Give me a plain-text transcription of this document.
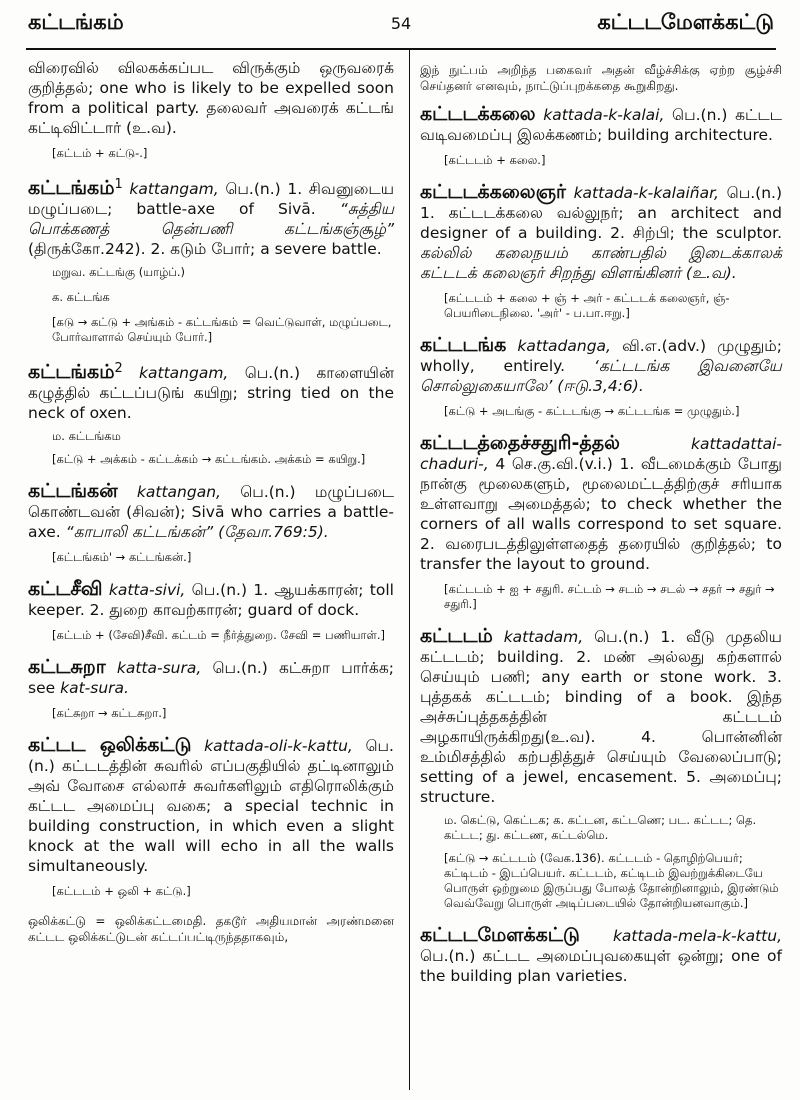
கட்டங்கம்	54	கட்டடமேளக்கட்டு

விரைவில் விலகக்கப்பட விருக்கும் ஒருவரைக் குறித்தல்; one who is likely to be expelled soon from a political party. தலைவர் அவரைக் கட்டங் கட்டிவிட்டார் (உ.வ).

[கட்டம் + கட்டு-.]

கட்டங்கம்$^1$ kattangam, பெ.(n.) 1. சிவனுடைய மழுப்படை; battle-axe of Sivā. “சுத்திய பொக்கணத் தென்பணி கட்டங்கஞ்சூழ்” (திருக்கோ.242). 2. கடும் போர்; a severe battle.

மறுவ. கட்டங்கு (யாழ்ப்.)

க. கட்டங்க

[கடு → கட்டு + அங்கம் - கட்டங்கம் = வெட்டுவாள், மழுப்படை, போர்வாளால் செய்யும் போர்.]

கட்டங்கம்$^2$ kattangam, பெ.(n.) காளையின் கழுத்தில் கட்டப்படுங் கயிறு; string tied on the neck of oxen.

ம. கட்டங்கம

[கட்டு + அக்கம் - கட்டக்கம் → கட்டங்கம். அக்கம் = கயிறு.]

கட்டங்கன் kattangan, பெ.(n.) மழுப்படை கொண்டவன் (சிவன்); Sivā who carries a battle-axe. “காபாலி கட்டங்கன்” (தேவா.769:5).

[கட்டங்கம்' → கட்டங்கன்.]

கட்டசீவி katta-sivi, பெ.(n.) 1. ஆயக்காரன்; toll keeper. 2. துறை காவற்காரன்; guard of dock.

[கட்டம் + (சேவி)சீவி. கட்டம் = நீர்த்துறை. சேவி = பணியாள்.]

கட்டசுறா katta-sura, பெ.(n.) கட்சுறா பார்க்க; see kat-sura.

[கட்சுறா → கட்டசுறா.]

கட்டட ஒலிக்கட்டு kattada-oli-k-kattu, பெ.(n.) கட்டடத்தின் சுவரில் எப்பகுதியில் தட்டினாலும் அவ் வோசை எல்லாச் சுவர்களிலும் எதிரொலிக்கும் கட்டட அமைப்பு வகை; a special technic in building construction, in which even a slight knock at the wall will echo in all the walls simultaneously.

[கட்டடம் + ஒலி + கட்டு.]

ஒலிக்கட்டு = ஒலிக்கட்டமைதி. தகடூர் அதியமான் அரண்மனை கட்டட ஒலிக்கட்டுடன் கட்டப்பட்டிருந்ததாகவும்,

இந் நுட்பம் அறிந்த பகைவர் அதன் வீழ்ச்சிக்கு ஏற்ற சூழ்ச்சி செய்தனர் எனவும், நாட்டுப்புறக்கதை கூறுகிறது.

கட்டடக்கலை kattada-k-kalai, பெ.(n.) கட்டட வடிவமைப்பு இலக்கணம்; building architecture.

[கட்டடம் + கலை.]

கட்டடக்கலைஞர் kattada-k-kalaiñar, பெ.(n.) 1. கட்டடக்கலை வல்லுநர்; an architect and designer of a building. 2. சிற்பி; the sculptor. கல்லில் கலைநயம் காண்பதில் இடைக்காலக் கட்டடக் கலைஞர் சிறந்து விளங்கினர் (உ.வ).

[கட்டடம் + கலை + ஞ் + அர் - கட்டடக் கலைஞர், ஞ்- பெயரிடைநிலை. 'அர்' - ப.பா.ஈறு.]

கட்டடங்க kattadanga, வி.எ.(adv.) முழுதும்; wholly, entirely. ‘கட்டடங்க இவனையே சொல்லுகையாலே’ (ஈடு.3,4:6).

[கட்டு + அடங்கு - கட்டடங்கு → கட்டடங்க = முழுதும்.]

கட்டடத்தைச்சதுரி-த்தல்	kattadattai-chaduri-, 4 செ.கு.வி.(v.i.) 1. வீடமைக்கும் போது நான்கு மூலைகளும், மூலைமட்டத்திற்குச் சரியாக உள்ளவாறு அமைத்தல்; to check whether the corners of all walls correspond to set square. 2. வரைபடத்திலுள்ளதைத் தரையில் குறித்தல்; to transfer the layout to ground.

[கட்டடம் + ஐ + சதுரி. சட்டம் → சடம் → சடல் → சதர் → சதுர் → சதுரி.]

கட்டடம் kattadam, பெ.(n.) 1. வீடு முதலிய கட்டடம்; building. 2. மண் அல்லது கற்களால் செய்யும் பணி; any earth or stone work. 3. புத்தகக் கட்டடம்; binding of a book. இந்த அச்சுப்புத்தகத்தின் கட்டடம் அழகாயிருக்கிறது(உ.வ). 4. பொன்னின் உம்மிசத்தில் கற்பதித்துச் செய்யும் வேலைப்பாடு; setting of a jewel, encasement. 5. அமைப்பு; structure.

ம. கெட்டு, கெட்டக; க. கட்டன, கட்டணெ; பட. கட்டட; தெ. கட்டட; து. கட்டண, கட்டல்மெ.

[கட்டு → கட்டடம் (வேக.136). கட்டடம் - தொழிற்பெயர்; கட்டிடம் - இடப்பெயர். கட்டடம், கட்டிடம் இவற்றுக்கிடையே பொருள் ஒற்றுமை இருப்பது போலத் தோன்றினாலும், இரண்டும் வெவ்வேறு பொருள் அடிப்படையில் தோன்றியனவாகும்.]

கட்டடமேளக்கட்டு kattada-mela-k-kattu, பெ.(n.) கட்டட அமைப்புவகையுள் ஒன்று; one of the building plan varieties.
